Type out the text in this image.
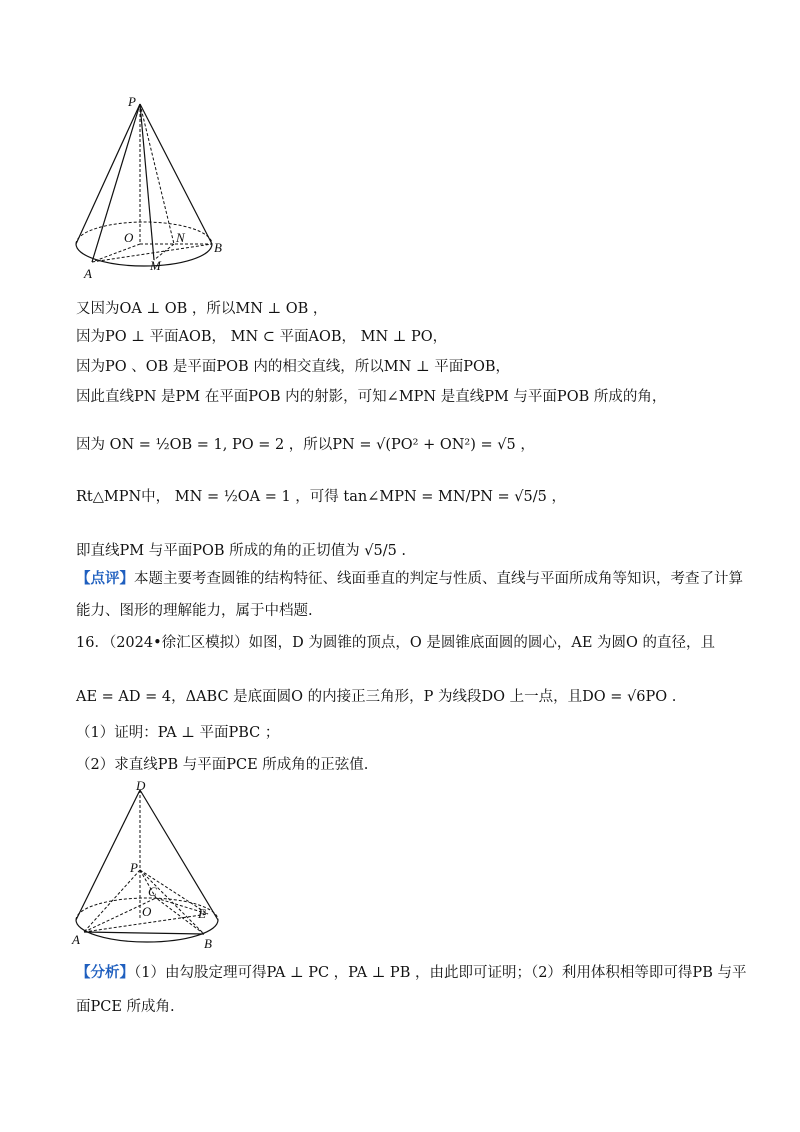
P
O	N
A
M
B
又因为OA ⊥ OB ，所以MN ⊥ OB ，
因为PO ⊥ 平面AOB， MN ⊂ 平面AOB， MN ⊥ PO，
因为PO 、OB 是平面POB 内的相交直线，所以MN ⊥ 平面POB，
因此直线PN 是PM 在平面POB 内的射影，可知∠MPN 是直线PM 与平面POB 所成的角，
因为 ON = ½OB = 1, PO = 2 ，所以PN = √(PO² + ON²) = √5 ，
Rt△MPN中， MN = ½OA = 1 ，可得 tan∠MPN = MN/PN = √5/5 ，
即直线PM 与平面POB 所成的角的正切值为 √5/5 .
【点评】本题主要考查圆锥的结构特征、线面垂直的判定与性质、直线与平面所成角等知识，考查了计算
能力、图形的理解能力，属于中档题.
16．（2024•徐汇区模拟）如图，D 为圆锥的顶点，O 是圆锥底面圆的圆心，AE 为圆O 的直径，且
AE = AD = 4，ΔABC 是底面圆O 的内接正三角形，P 为线段DO 上一点，且DO = √6PO .
（1）证明：PA ⊥ 平面PBC ；
（2）求直线PB 与平面PCE 所成角的正弦值.
D
P
C
O	E
A	B
【分析】（1）由勾股定理可得PA ⊥ PC ，PA ⊥ PB ，由此即可证明；（2）利用体积相等即可得PB 与平
面PCE 所成角.
